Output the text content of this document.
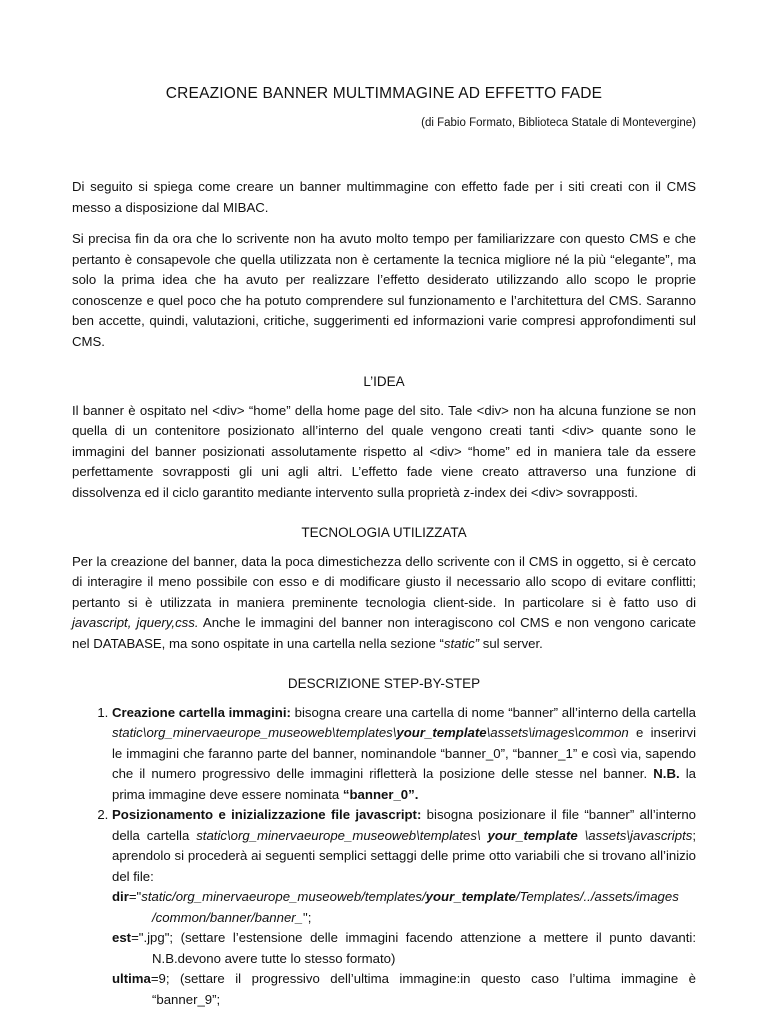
CREAZIONE BANNER MULTIMMAGINE AD EFFETTO FADE
(di Fabio Formato, Biblioteca Statale di Montevergine)

Di seguito si spiega come creare un banner multimmagine con effetto fade per i siti creati con il CMS messo a disposizione dal MIBAC.

Si precisa fin da ora che lo scrivente non ha avuto molto tempo per familiarizzare con questo CMS e che pertanto è consapevole che quella utilizzata non è certamente la tecnica migliore né la più “elegante”, ma solo la prima idea che ha avuto per realizzare l’effetto desiderato utilizzando allo scopo le proprie conoscenze e quel poco che ha potuto comprendere sul funzionamento e l’architettura del CMS. Saranno ben accette, quindi, valutazioni, critiche, suggerimenti ed informazioni varie compresi approfondimenti sul CMS.

L’IDEA

Il banner è ospitato nel <div> “home” della home page del sito. Tale <div> non ha alcuna funzione se non quella di un contenitore posizionato all’interno del quale vengono creati tanti <div> quante sono le immagini del banner posizionati assolutamente rispetto al <div> “home” ed in maniera tale da essere perfettamente sovrapposti gli uni agli altri. L’effetto fade viene creato attraverso una funzione di dissolvenza ed il ciclo garantito mediante intervento sulla proprietà z-index dei <div> sovrapposti.

TECNOLOGIA UTILIZZATA

Per la creazione del banner, data la poca dimestichezza dello scrivente con il CMS in oggetto, si è cercato di interagire il meno possibile con esso e di modificare giusto il necessario allo scopo di evitare conflitti; pertanto si è utilizzata in maniera preminente tecnologia client-side. In particolare si è fatto uso di javascript, jquery,css. Anche le immagini del banner non interagiscono col CMS e non vengono caricate nel DATABASE, ma sono ospitate in una cartella nella sezione “static” sul server.

DESCRIZIONE STEP-BY-STEP
1. Creazione cartella immagini: bisogna creare una cartella di nome “banner” all’interno della cartella static\org_minervaeurope_museoweb\templates\your_template\assets\images\common e inserirvi le immagini che faranno parte del banner, nominandole “banner_0”, “banner_1” e così via, sapendo che il numero progressivo delle immagini rifletterà la posizione delle stesse nel banner. N.B. la prima immagine deve essere nominata “banner_0”.
2. Posizionamento e inizializzazione file javascript: bisogna posizionare il file “banner” all’interno della cartella static\org_minervaeurope_museoweb\templates\ your_template \assets\javascripts; aprendolo si procederà ai seguenti semplici settaggi delle prime otto variabili che si trovano all’inizio del file:
dir="static/org_minervaeurope_museoweb/templates/your_template/Templates/../assets/images /common/banner/banner_";
est=".jpg"; (settare l’estensione delle immagini facendo attenzione a mettere il punto davanti: N.B.devono avere tutte lo stesso formato)
ultima=9; (settare il progressivo dell’ultima immagine:in questo caso l’ultima immagine è “banner_9”;
